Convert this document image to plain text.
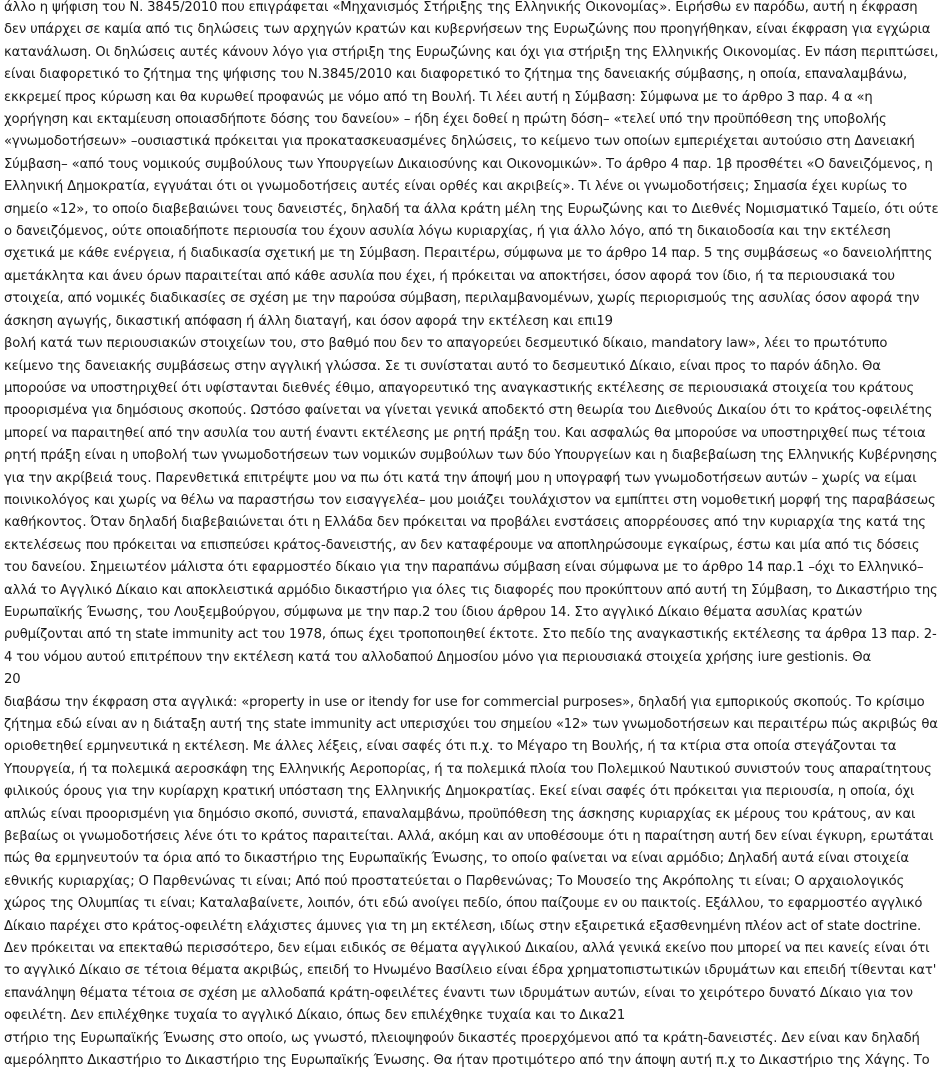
άλλο η ψήφιση του Ν. 3845/2010 που επιγράφεται «Μηχανισμός Στήριξης της Ελληνικής Οικονομίας». Ειρήσθω εν παρόδω, αυτή η έκφραση δεν υπάρχει σε καμία από τις δηλώσεις των αρχηγών κρατών και κυβερνήσεων της Ευρωζώνης που προηγήθηκαν, είναι έκφραση για εγχώρια κατανάλωση. Οι δηλώσεις αυτές κάνουν λόγο για στήριξη της Ευρωζώνης και όχι για στήριξη της Ελληνικής Οικονομίας. Εν πάση περιπτώσει, είναι διαφορετικό το ζήτημα της ψήφισης του Ν.3845/2010 και διαφορετικό το ζήτημα της δανειακής σύμβασης, η οποία, επαναλαμβάνω, εκκρεμεί προς κύρωση και θα κυρωθεί προφανώς με νόμο από τη Βουλή. Τι λέει αυτή η Σύμβαση: Σύμφωνα με το άρθρο 3 παρ. 4 α «η χορήγηση και εκταμίευση οποιασδήποτε δόσης του δανείου» – ήδη έχει δοθεί η πρώτη δόση– «τελεί υπό την προϋπόθεση της υποβολής «γνωμοδοτήσεων» –ουσιαστικά πρόκειται για προκατασκευασμένες δηλώσεις, το κείμενο των οποίων εμπεριέχεται αυτούσιο στη Δανειακή Σύμβαση– «από τους νομικούς συμβούλους των Υπουργείων Δικαιοσύνης και Οικονομικών». Το άρθρο 4 παρ. 1β προσθέτει «Ο δανειζόμενος, η Ελληνική Δημοκρατία, εγγυάται ότι οι γνωμοδοτήσεις αυτές είναι ορθές και ακριβείς». Τι λένε οι γνωμοδοτήσεις; Σημασία έχει κυρίως το σημείο «12», το οποίο διαβεβαιώνει τους δανειστές, δηλαδή τα άλλα κράτη μέλη της Ευρωζώνης και το Διεθνές Νομισματικό Ταμείο, ότι ούτε ο δανειζόμενος, ούτε οποιαδήποτε περιουσία του έχουν ασυλία λόγω κυριαρχίας, ή για άλλο λόγο, από τη δικαιοδοσία και την εκτέλεση σχετικά με κάθε ενέργεια, ή διαδικασία σχετική με τη Σύμβαση. Περαιτέρω, σύμφωνα με το άρθρο 14 παρ. 5 της συμβάσεως «ο δανειολήπτης αμετάκλητα και άνευ όρων παραιτείται από κάθε ασυλία που έχει, ή πρόκειται να αποκτήσει, όσον αφορά τον ίδιο, ή τα περιουσιακά του στοιχεία, από νομικές διαδικασίες σε σχέση με την παρούσα σύμβαση, περιλαμβανομένων, χωρίς περιορισμούς της ασυλίας όσον αφορά την άσκηση αγωγής, δικαστική απόφαση ή άλλη διαταγή, και όσον αφορά την εκτέλεση και επι19

βολή κατά των περιουσιακών στοιχείων του, στο βαθμό που δεν το απαγορεύει δεσμευτικό δίκαιο, mandatory law», λέει το πρωτότυπο κείμενο της δανειακής συμβάσεως στην αγγλική γλώσσα. Σε τι συνίσταται αυτό το δεσμευτικό Δίκαιο, είναι προς το παρόν άδηλο. Θα μπορούσε να υποστηριχθεί ότι υφίστανται διεθνές έθιμο, απαγορευτικό της αναγκαστικής εκτέλεσης σε περιουσιακά στοιχεία του κράτους προορισμένα για δημόσιους σκοπούς. Ωστόσο φαίνεται να γίνεται γενικά αποδεκτό στη θεωρία του Διεθνούς Δικαίου ότι το κράτος-οφειλέτης μπορεί να παραιτηθεί από την ασυλία του αυτή έναντι εκτέλεσης με ρητή πράξη του. Και ασφαλώς θα μπορούσε να υποστηριχθεί πως τέτοια ρητή πράξη είναι η υποβολή των γνωμοδοτήσεων των νομικών συμβούλων των δύο Υπουργείων και η διαβεβαίωση της Ελληνικής Κυβέρνησης για την ακρίβειά τους. Παρενθετικά επιτρέψτε μου να πω ότι κατά την άποψή μου η υπογραφή των γνωμοδοτήσεων αυτών – χωρίς να είμαι ποινικολόγος και χωρίς να θέλω να παραστήσω τον εισαγγελέα– μου μοιάζει τουλάχιστον να εμπίπτει στη νομοθετική μορφή της παραβάσεως καθήκοντος. Όταν δηλαδή διαβεβαιώνεται ότι η Ελλάδα δεν πρόκειται να προβάλει ενστάσεις απορρέουσες από την κυριαρχία της κατά της εκτελέσεως που πρόκειται να επισπεύσει κράτος-δανειστής, αν δεν καταφέρουμε να αποπληρώσουμε εγκαίρως, έστω και μία από τις δόσεις του δανείου. Σημειωτέον μάλιστα ότι εφαρμοστέο δίκαιο για την παραπάνω σύμβαση είναι σύμφωνα με το άρθρο 14 παρ.1 –όχι το Ελληνικό– αλλά το Αγγλικό Δίκαιο και αποκλειστικά αρμόδιο δικαστήριο για όλες τις διαφορές που προκύπτουν από αυτή τη Σύμβαση, το Δικαστήριο της Ευρωπαϊκής Ένωσης, του Λουξεμβούργου, σύμφωνα με την παρ.2 του ίδιου άρθρου 14. Στο αγγλικό Δίκαιο θέματα ασυλίας κρατών ρυθμίζονται από τη state immunity act του 1978, όπως έχει τροποποιηθεί έκτοτε. Στο πεδίο της αναγκαστικής εκτέλεσης τα άρθρα 13 παρ. 2-4 του νόμου αυτού επιτρέπουν την εκτέλεση κατά του αλλοδαπού Δημοσίου μόνο για περιουσιακά στοιχεία χρήσης iure gestionis. Θα

20

διαβάσω την έκφραση στα αγγλικά: «property in use or itendy for use for commercial purposes», δηλαδή για εμπορικούς σκοπούς. Το κρίσιμο ζήτημα εδώ είναι αν η διάταξη αυτή της state immunity act υπερισχύει του σημείου «12» των γνωμοδοτήσεων και περαιτέρω πώς ακριβώς θα οριοθετηθεί ερμηνευτικά η εκτέλεση. Με άλλες λέξεις, είναι σαφές ότι π.χ. το Μέγαρο τη Βουλής, ή τα κτίρια στα οποία στεγάζονται τα Υπουργεία, ή τα πολεμικά αεροσκάφη της Ελληνικής Αεροπορίας, ή τα πολεμικά πλοία του Πολεμικού Ναυτικού συνιστούν τους απαραίτητους φιλικούς όρους για την κυρίαρχη κρατική υπόσταση της Ελληνικής Δημοκρατίας. Εκεί είναι σαφές ότι πρόκειται για περιουσία, η οποία, όχι απλώς είναι προορισμένη για δημόσιο σκοπό, συνιστά, επαναλαμβάνω, προϋπόθεση της άσκησης κυριαρχίας εκ μέρους του κράτους, αν και βεβαίως οι γνωμοδοτήσεις λένε ότι το κράτος παραιτείται. Αλλά, ακόμη και αν υποθέσουμε ότι η παραίτηση αυτή δεν είναι έγκυρη, ερωτάται πώς θα ερμηνευτούν τα όρια από το δικαστήριο της Ευρωπαϊκής Ένωσης, το οποίο φαίνεται να είναι αρμόδιο; Δηλαδή αυτά είναι στοιχεία εθνικής κυριαρχίας; Ο Παρθενώνας τι είναι; Από πού προστατεύεται ο Παρθενώνας; Το Μουσείο της Ακρόπολης τι είναι; Ο αρχαιολογικός χώρος της Ολυμπίας τι είναι; Καταλαβαίνετε, λοιπόν, ότι εδώ ανοίγει πεδίο, όπου παίζουμε εν ου παικτοίς. Εξάλλου, το εφαρμοστέο αγγλικό Δίκαιο παρέχει στο κράτος-οφειλέτη ελάχιστες άμυνες για τη μη εκτέλεση, ιδίως στην εξαιρετικά εξασθενημένη πλέον act of state doctrine. Δεν πρόκειται να επεκταθώ περισσότερο, δεν είμαι ειδικός σε θέματα αγγλικού Δικαίου, αλλά γενικά εκείνο που μπορεί να πει κανείς είναι ότι το αγγλικό Δίκαιο σε τέτοια θέματα ακριβώς, επειδή το Ηνωμένο Βασίλειο είναι έδρα χρηματοπιστωτικών ιδρυμάτων και επειδή τίθενται κατ' επανάληψη θέματα τέτοια σε σχέση με αλλοδαπά κράτη-οφειλέτες έναντι των ιδρυμάτων αυτών, είναι το χειρότερο δυνατό Δίκαιο για τον οφειλέτη. Δεν επιλέχθηκε τυχαία το αγγλικό Δίκαιο, όπως δεν επιλέχθηκε τυχαία και το Δικα21

στήριο της Ευρωπαϊκής Ένωσης στο οποίο, ως γνωστό, πλειοψηφούν δικαστές προερχόμενοι από τα κράτη-δανειστές. Δεν είναι καν δηλαδή αμερόληπτο Δικαστήριο το Δικαστήριο της Ευρωπαϊκής Ένωσης. Θα ήταν προτιμότερο από την άποψη αυτή π.χ το Δικαστήριο της Χάγης. Το
